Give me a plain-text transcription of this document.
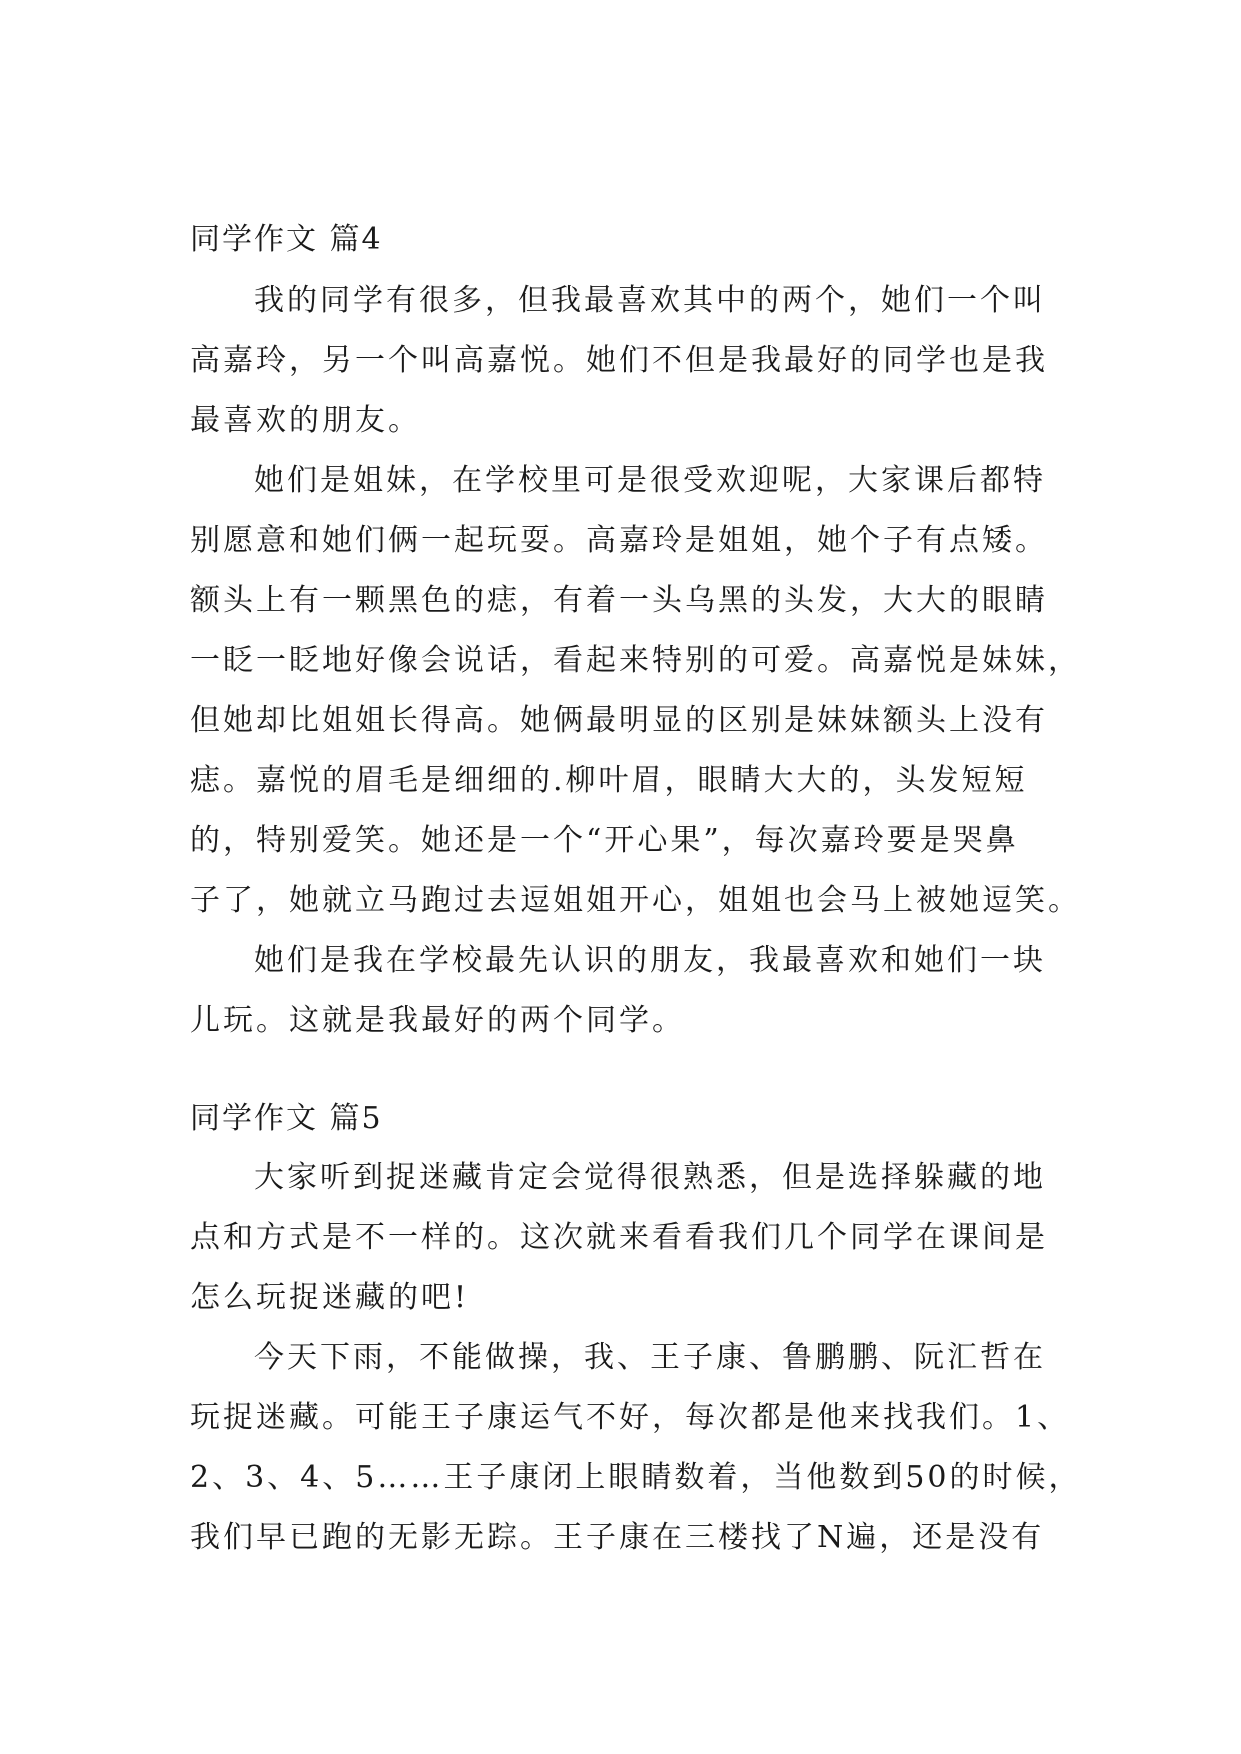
同学作文 篇4
我的同学有很多，但我最喜欢其中的两个，她们一个叫
高嘉玲，另一个叫高嘉悦。她们不但是我最好的同学也是我
最喜欢的朋友。
她们是姐妹，在学校里可是很受欢迎呢，大家课后都特
别愿意和她们俩一起玩耍。高嘉玲是姐姐，她个子有点矮。
额头上有一颗黑色的痣，有着一头乌黑的头发，大大的眼睛
一眨一眨地好像会说话，看起来特别的可爱。高嘉悦是妹妹，
但她却比姐姐长得高。她俩最明显的区别是妹妹额头上没有
痣。嘉悦的眉毛是细细的.柳叶眉，眼睛大大的，头发短短
的，特别爱笑。她还是一个“开心果”，每次嘉玲要是哭鼻
子了，她就立马跑过去逗姐姐开心，姐姐也会马上被她逗笑。
她们是我在学校最先认识的朋友，我最喜欢和她们一块
儿玩。这就是我最好的两个同学。
同学作文 篇5
大家听到捉迷藏肯定会觉得很熟悉，但是选择躲藏的地
点和方式是不一样的。这次就来看看我们几个同学在课间是
怎么玩捉迷藏的吧!
今天下雨，不能做操，我、王子康、鲁鹏鹏、阮汇哲在
玩捉迷藏。可能王子康运气不好，每次都是他来找我们。1、
2、3、4、5……王子康闭上眼睛数着，当他数到50的时候，
我们早已跑的无影无踪。王子康在三楼找了N遍，还是没有
